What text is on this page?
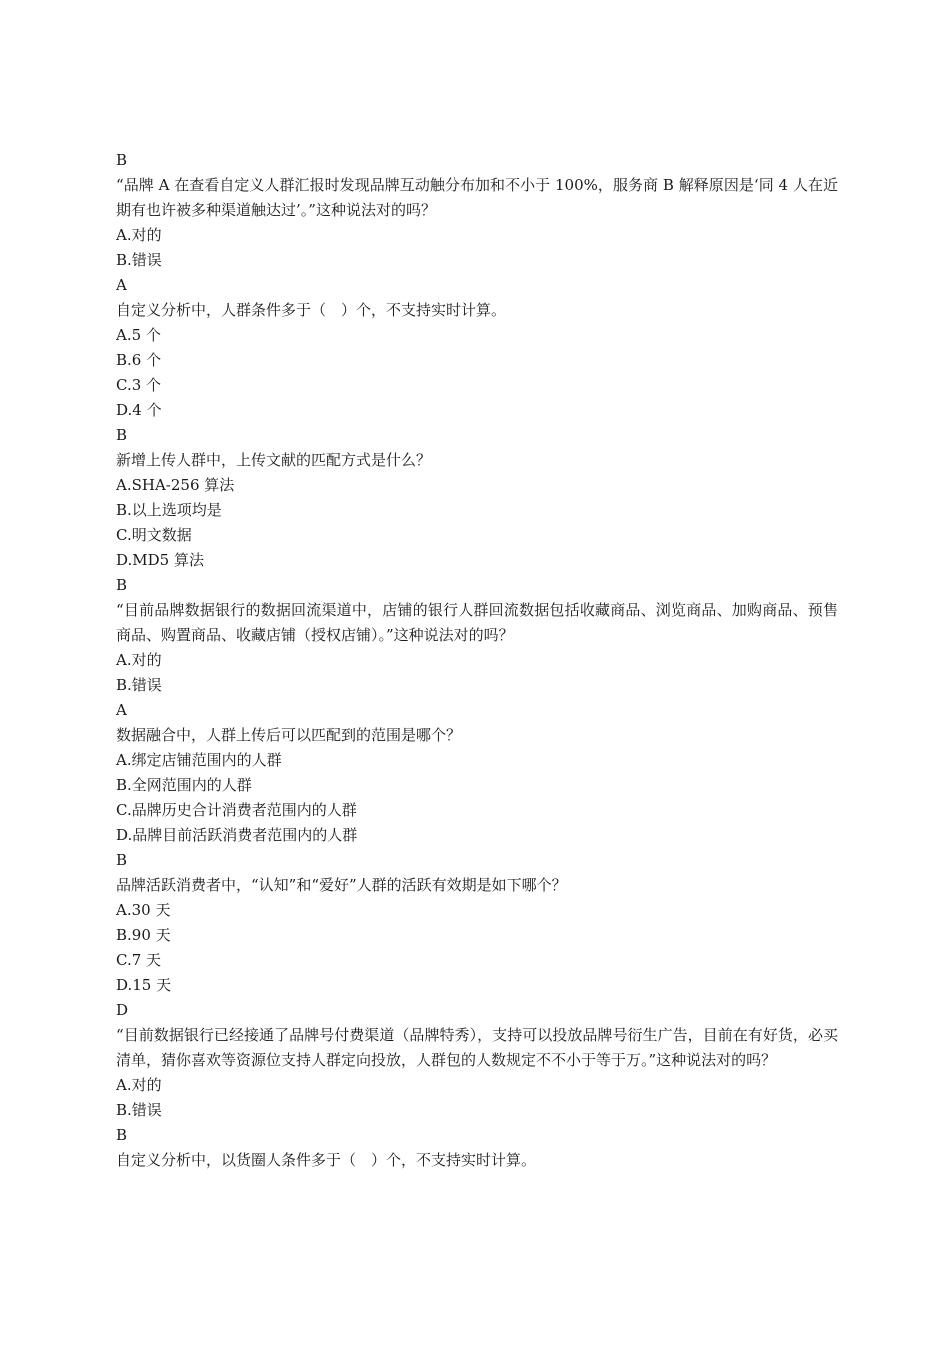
B

“品牌 A 在查看自定义人群汇报时发现品牌互动触分布加和不小于 100%，服务商 B 解释原因是‘同 4 人在近期有也许被多种渠道触达过’。”这种说法对的吗？

A.对的

B.错误

A

自定义分析中，人群条件多于（　）个，不支持实时计算。

A.5 个

B.6 个

C.3 个

D.4 个

B

新增上传人群中，上传文献的匹配方式是什么？

A.SHA-256 算法

B.以上选项均是

C.明文数据

D.MD5 算法

B

“目前品牌数据银行的数据回流渠道中，店铺的银行人群回流数据包括收藏商品、浏览商品、加购商品、预售商品、购置商品、收藏店铺（授权店铺）。”这种说法对的吗？

A.对的

B.错误

A

数据融合中，人群上传后可以匹配到的范围是哪个？

A.绑定店铺范围内的人群

B.全网范围内的人群

C.品牌历史合计消费者范围内的人群

D.品牌目前活跃消费者范围内的人群

B

品牌活跃消费者中，“认知”和“爱好”人群的活跃有效期是如下哪个？

A.30 天

B.90 天

C.7 天

D.15 天

D

“目前数据银行已经接通了品牌号付费渠道（品牌特秀），支持可以投放品牌号衍生广告，目前在有好货，必买清单，猜你喜欢等资源位支持人群定向投放，人群包的人数规定不不小于等于万。”这种说法对的吗？

A.对的

B.错误

B

自定义分析中，以货圈人条件多于（　）个，不支持实时计算。
